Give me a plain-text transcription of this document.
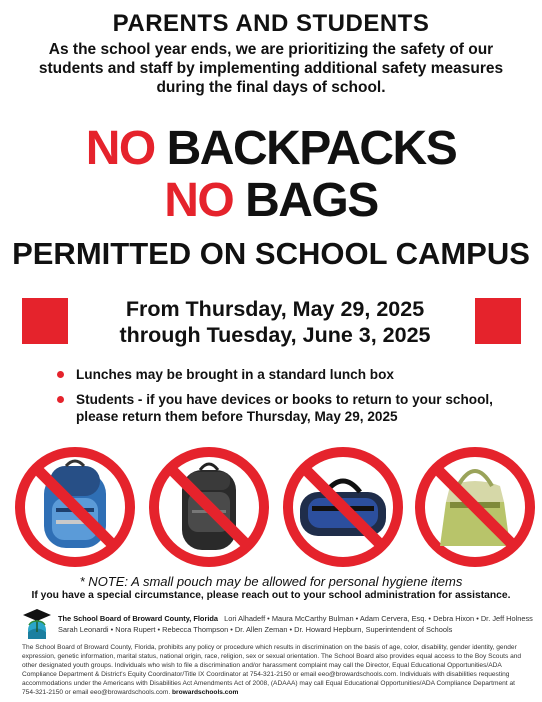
PARENTS AND STUDENTS
As the school year ends, we are prioritizing the safety of our students and staff by implementing additional safety measures during the final days of school.
NO BACKPACKS
NO BAGS
PERMITTED ON SCHOOL CAMPUS
From Thursday, May 29, 2025
through Tuesday, June 3, 2025
Lunches may be brought in a standard lunch box
Students - if you have devices or books to return to your school, please return them before Thursday, May 29, 2025
* NOTE: A small pouch may be allowed for personal hygiene items
If you have a special circumstance, please reach out to your school administration for assistance.
The School Board of Broward County, Florida Lori Alhadeff • Maura McCarthy Bulman • Adam Cervera, Esq. • Debra Hixon • Dr. Jeff Holness
Sarah Leonardi • Nora Rupert • Rebecca Thompson • Dr. Allen Zeman • Dr. Howard Hepburn, Superintendent of Schools
The School Board of Broward County, Florida, prohibits any policy or procedure which results in discrimination on the basis of age, color, disability, gender identity, gender expression, genetic information, marital status, national origin, race, religion, sex or sexual orientation. The School Board also provides equal access to the Boy Scouts and other designated youth groups. Individuals who wish to file a discrimination and/or harassment complaint may call the Director, Equal Educational Opportunities/ADA Compliance Department & District's Equity Coordinator/Title IX Coordinator at 754-321-2150 or email eeo@browardschools.com. Individuals with disabilities requesting accommodations under the Americans with Disabilities Act Amendments Act of 2008, (ADAAA) may call Equal Educational Opportunities/ADA Compliance Department at 754-321-2150 or email eeo@browardschools.com. browardschools.com
